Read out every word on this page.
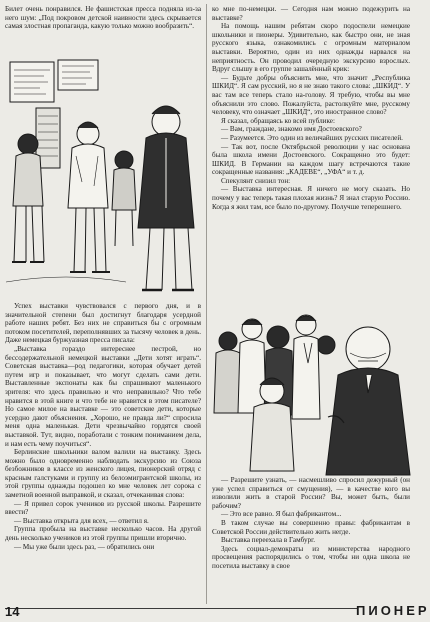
Билет очень понравился. Не фашистская пресса подняла из-за него шум: „Под покровом детской наивности здесь скрывается самая злостная пропаганда, какую только можно вообразить“.

Успех выставки чувствовался с первого дня, и в значительной степени был достигнут благодаря усердной работе наших ребят. Без них не справиться бы с огромным потоком посетителей, переполнявших за тысячу человек в день. Даже немецкая буржуазная пресса писала:

„Выставка гораздо интереснее пестрой, но бессодержательной немецкой выставки „Дети хотят играть“. Советская выставка—род педагогики, которая обучает детей путем игр и показывает, что могут сделать сами дети. Выставленные экспонаты как бы спрашивают маленького зрителя: что здесь правильно и что неправильно? Что тебе нравится в этой книге и что тебе не нравится в этом писателе? Но самое милое на выставке — это советские дети, которые усердно дают объяснения. „Хорошо, не правда ли?“ спросила меня одна маленькая. Дети чрезвычайно гордятся своей выставкой. Тут, видно, поработали с тонким пониманием дела, и нам есть чему поучиться“.

Берлинские школьники валом валили на выставку. Здесь можно было одновременно наблюдать экскурсию из Союза безбожников в классе из женского лицея, пионерский отряд с красным галстуками и группу из белоэмигрантской школы, из этой группы однажды подошел ко мне человек лет сорока с заметной военной выправкой, и сказал, отчеканивая слова:

— Я привел сорок учеников из русской школы. Разрешите ввести?

— Выставка открыта для всех, — ответил я.

Группа пробыла на выставке несколько часов. На другой день несколько учеников из этой группы пришли вторично.

— Мы уже были здесь раз, — обратились они

ко мне по-немецки. — Сегодня нам можно подежурить на выставке?

На помощь нашим ребятам скоро подоспели немецкие школьники и пионеры. Удивительно, как быстро они, не зная русского языка, ознакомились с огромным материалом выставки. Вероятно, один из них однажды нарвался на неприятность. Он проводил очередную экскурсию взрослых. Вдруг слышу в его группе зашалённый крик:

— Будьте добры объяснить мне, что значит „Республика ШКИД“. Я сам русский, но я не знаю такого слова: „ШКИД“. У вас там все теперь стало на-голову. Я требую, чтобы вы мне объяснили это слово. Пожалуйста, растолкуйте мне, русскому человеку, что означает „ШКИД“, это иностранное слово?

Я сказал, обращаясь ко всей публике:

— Вам, граждане, знакомо имя Достоевского?

— Разумеется. Это один из величайших русских писателей.

— Так вот, после Октябрьской революции у нас основана была школа имени Достоевского. Сокращенно это будет: ШКИД. В Германии на каждом шагу встречаются такие сокращенные названия: „КАДЕВЕ“, „УФА“ и т. д.

Спекулянт снизил тон:

— Выставка интересная. Я ничего не могу сказать. Но почему у вас теперь такая плохая жизнь? Я знал старую Россию. Когда я жил там, все было по-другому. Получше теперешнего.

— Разрешите узнать, — насмешливо спросил дежурный (он уже успел справиться от смущения), — в качестве кого вы изволили жить в старой России? Вы, может быть, были рабочим?

— Это все равно. Я был фабрикантом...

В таком случае вы совершенно правы: фабрикантам в Советской России действительно жить негде.

Выставка переехала в Гамбург.

Здесь социал-демократы из министерства народного просвещения распорядились о том, чтобы ни одна школа не посетила выставку в свое

14	ПИОНЕР
